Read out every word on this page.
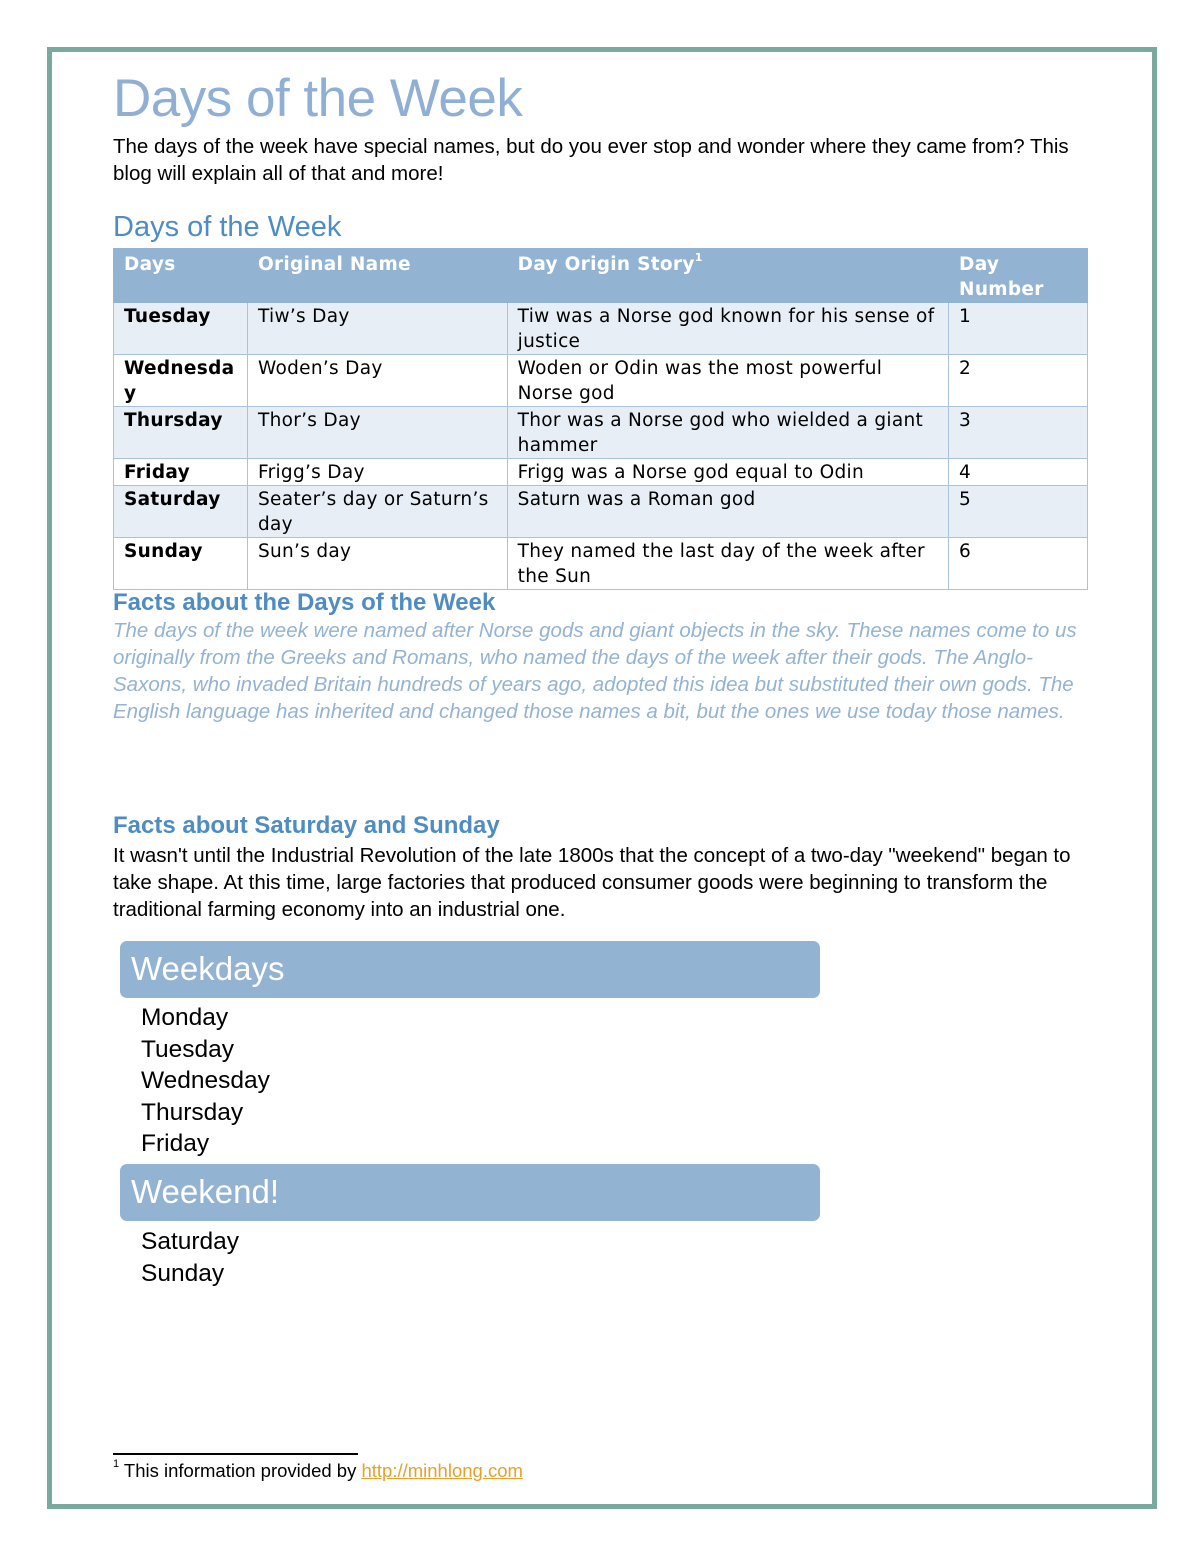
Days of the Week

The days of the week have special names, but do you ever stop and wonder where they came from? This blog will explain all of that and more!

Days of the Week
Days	Original Name	Day Origin Story$^1$	Day Number
Tuesday	Tiw’s Day	Tiw was a Norse god known for his sense of justice	1
Wednesday	Woden’s Day	Woden or Odin was the most powerful Norse god	2
Thursday	Thor’s Day	Thor was a Norse god who wielded a giant hammer	3
Friday	Frigg’s Day	Frigg was a Norse god equal to Odin	4
Saturday	Seater’s day or Saturn’s day	Saturn was a Roman god	5
Sunday	Sun’s day	They named the last day of the week after the Sun	6
Facts about the Days of the Week

The days of the week were named after Norse gods and giant objects in the sky. These names come to us originally from the Greeks and Romans, who named the days of the week after their gods. The Anglo-Saxons, who invaded Britain hundreds of years ago, adopted this idea but substituted their own gods. The English language has inherited and changed those names a bit, but the ones we use today those names.

Facts about Saturday and Sunday

It wasn't until the Industrial Revolution of the late 1800s that the concept of a two-day "weekend" began to take shape. At this time, large factories that produced consumer goods were beginning to transform the traditional farming economy into an industrial one.

Weekdays
Monday
Tuesday
Wednesday
Thursday
Friday
Weekend!
Saturday
Sunday

$^1$ This information provided by http://minhlong.com
